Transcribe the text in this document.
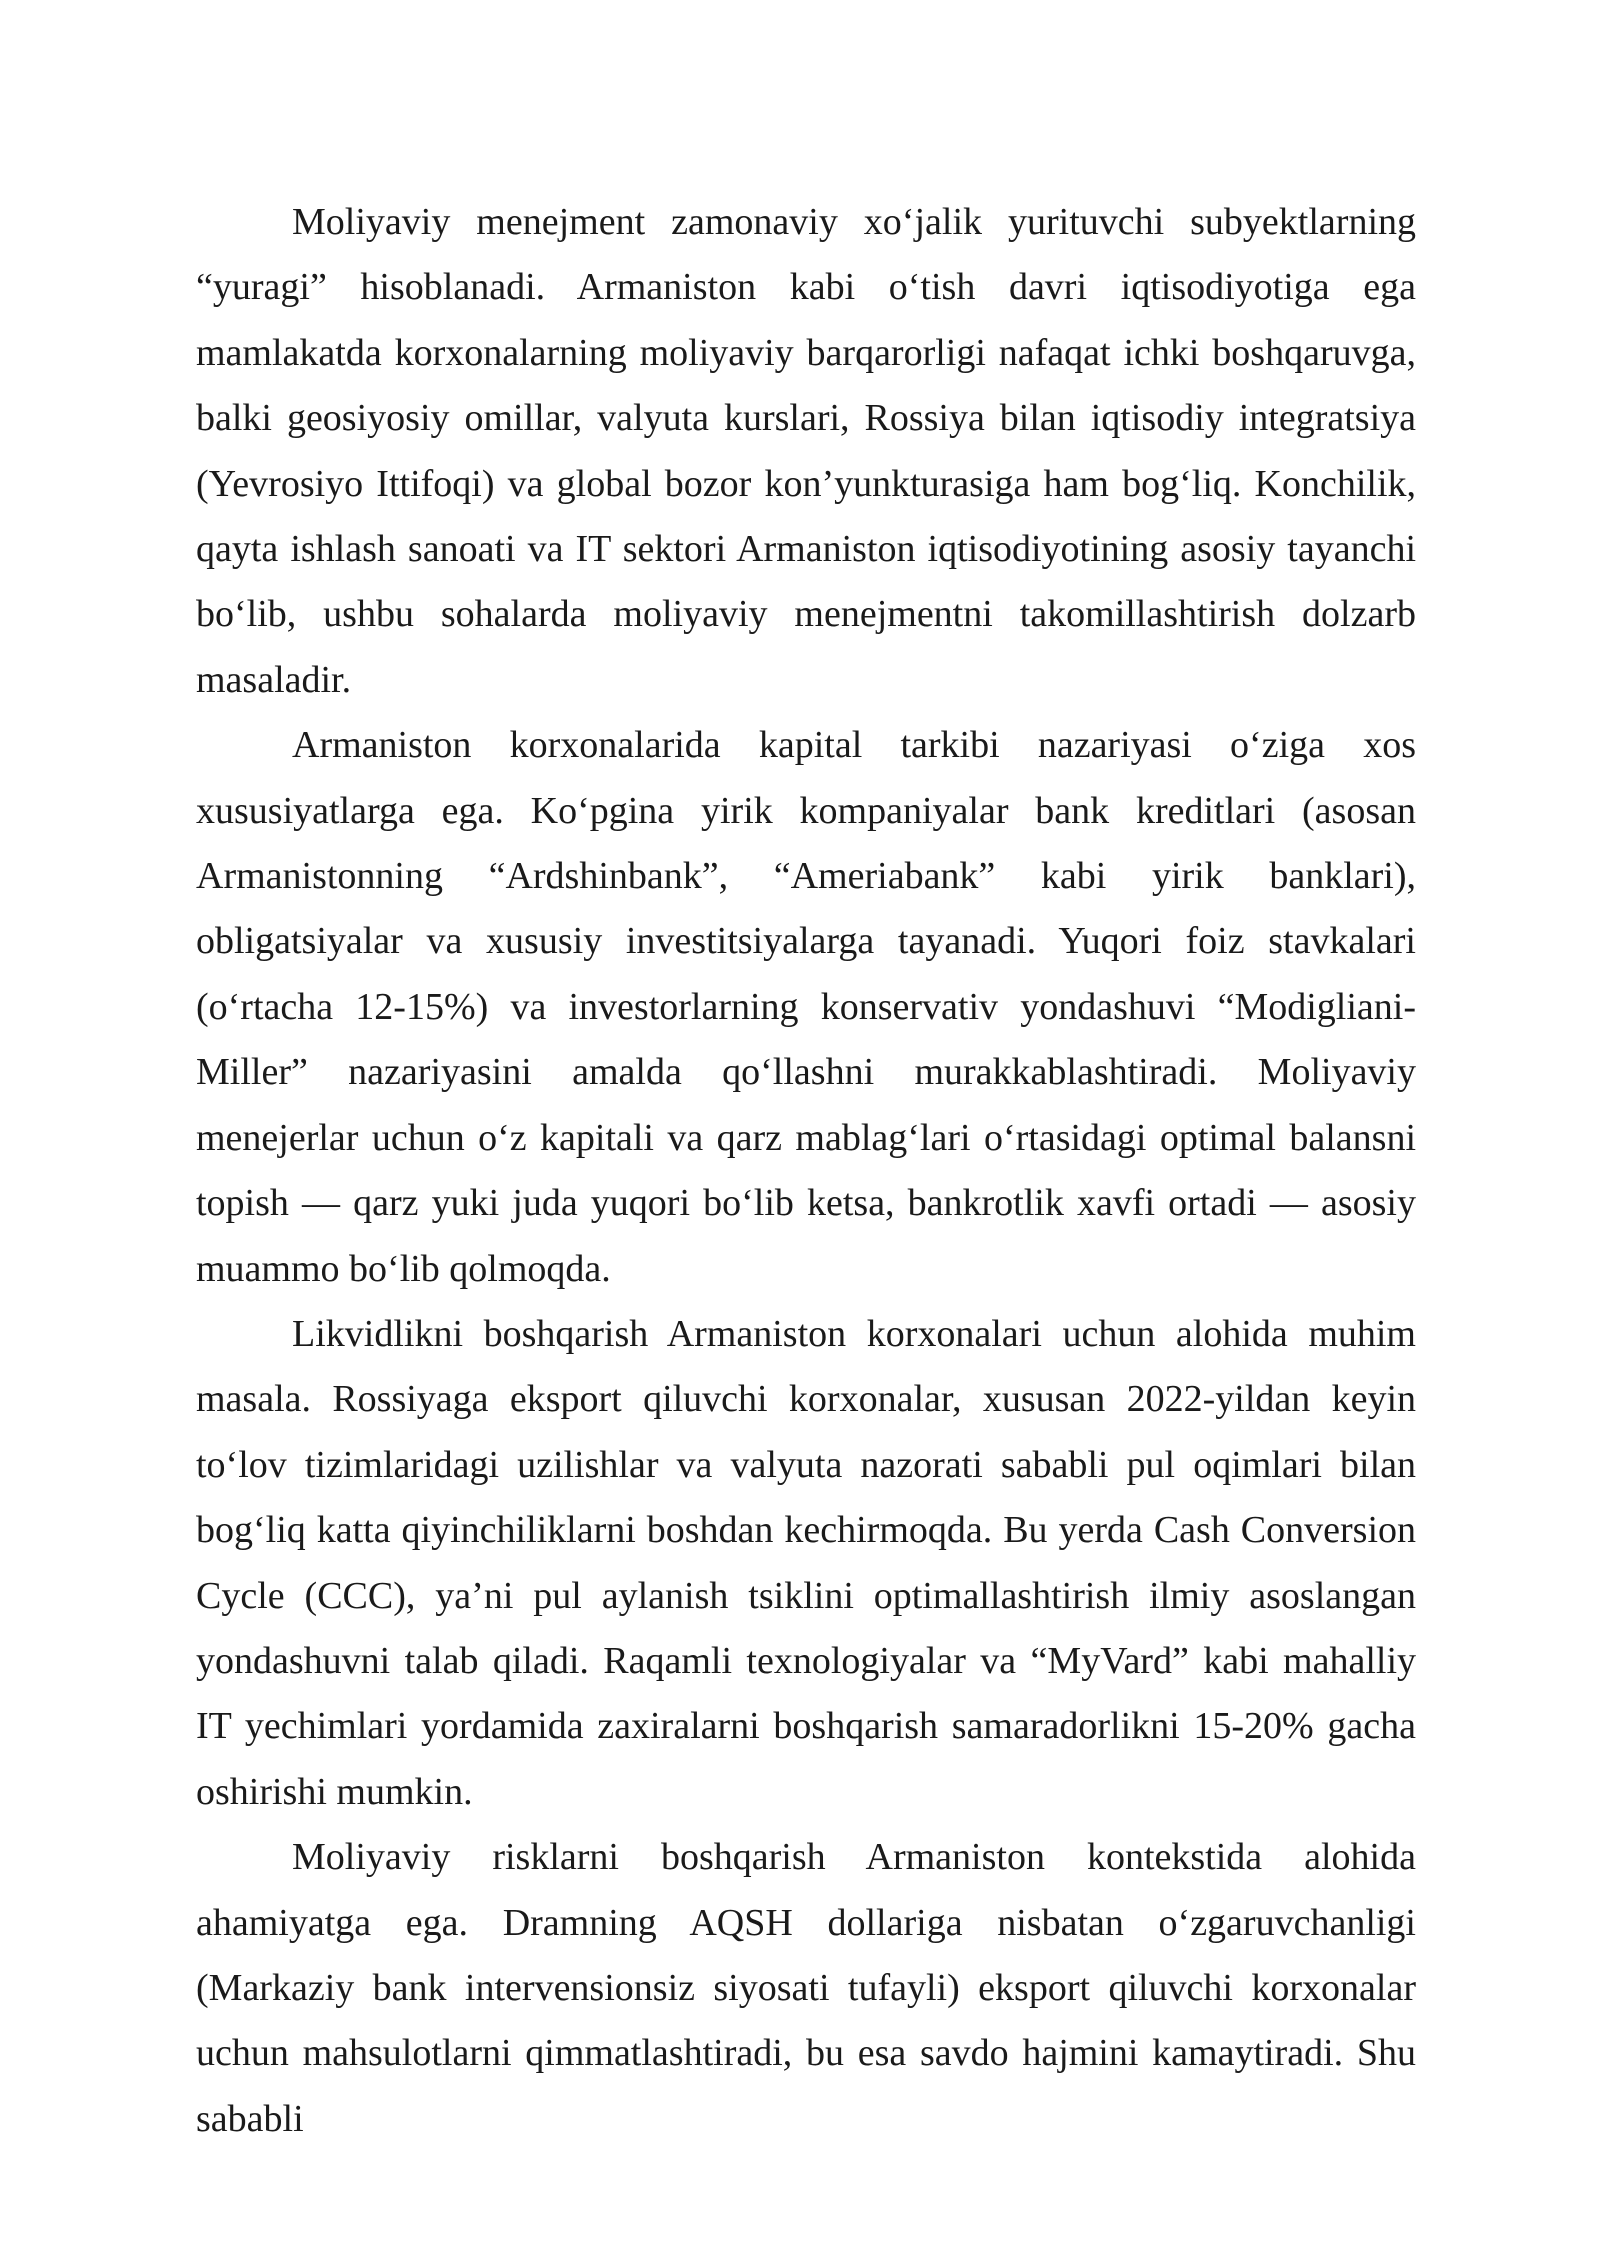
Moliyaviy menejment zamonaviy xo‘jalik yurituvchi subyektlarning “yuragi” hisoblanadi. Armaniston kabi o‘tish davri iqtisodiyotiga ega mamlakatda korxonalarning moliyaviy barqarorligi nafaqat ichki boshqaruvga, balki geosiyosiy omillar, valyuta kurslari, Rossiya bilan iqtisodiy integratsiya (Yevrosiyo Ittifoqi) va global bozor kon’yunkturasiga ham bog‘liq. Konchilik, qayta ishlash sanoati va IT sektori Armaniston iqtisodiyotining asosiy tayanchi bo‘lib, ushbu sohalarda moliyaviy menejmentni takomillashtirish dolzarb masaladir.

Armaniston korxonalarida kapital tarkibi nazariyasi o‘ziga xos xususiyatlarga ega. Ko‘pgina yirik kompaniyalar bank kreditlari (asosan Armanistonning “Ardshinbank”, “Ameriabank” kabi yirik banklari), obligatsiyalar va xususiy investitsiyalarga tayanadi. Yuqori foiz stavkalari (o‘rtacha 12-15%) va investorlarning konservativ yondashuvi “Modigliani-Miller” nazariyasini amalda qo‘llashni murakkablashtiradi. Moliyaviy menejerlar uchun o‘z kapitali va qarz mablag‘lari o‘rtasidagi optimal balansni topish — qarz yuki juda yuqori bo‘lib ketsa, bankrotlik xavfi ortadi — asosiy muammo bo‘lib qolmoqda.

Likvidlikni boshqarish Armaniston korxonalari uchun alohida muhim masala. Rossiyaga eksport qiluvchi korxonalar, xususan 2022-yildan keyin to‘lov tizimlaridagi uzilishlar va valyuta nazorati sababli pul oqimlari bilan bog‘liq katta qiyinchiliklarni boshdan kechirmoqda. Bu yerda Cash Conversion Cycle (CCC), ya’ni pul aylanish tsiklini optimallashtirish ilmiy asoslangan yondashuvni talab qiladi. Raqamli texnologiyalar va “MyVard” kabi mahalliy IT yechimlari yordamida zaxiralarni boshqarish samaradorlikni 15-20% gacha oshirishi mumkin.

Moliyaviy risklarni boshqarish Armaniston kontekstida alohida ahamiyatga ega. Dramning AQSH dollariga nisbatan o‘zgaruvchanligi (Markaziy bank intervensionsiz siyosati tufayli) eksport qiluvchi korxonalar uchun mahsulotlarni qimmatlashtiradi, bu esa savdo hajmini kamaytiradi. Shu sababli
